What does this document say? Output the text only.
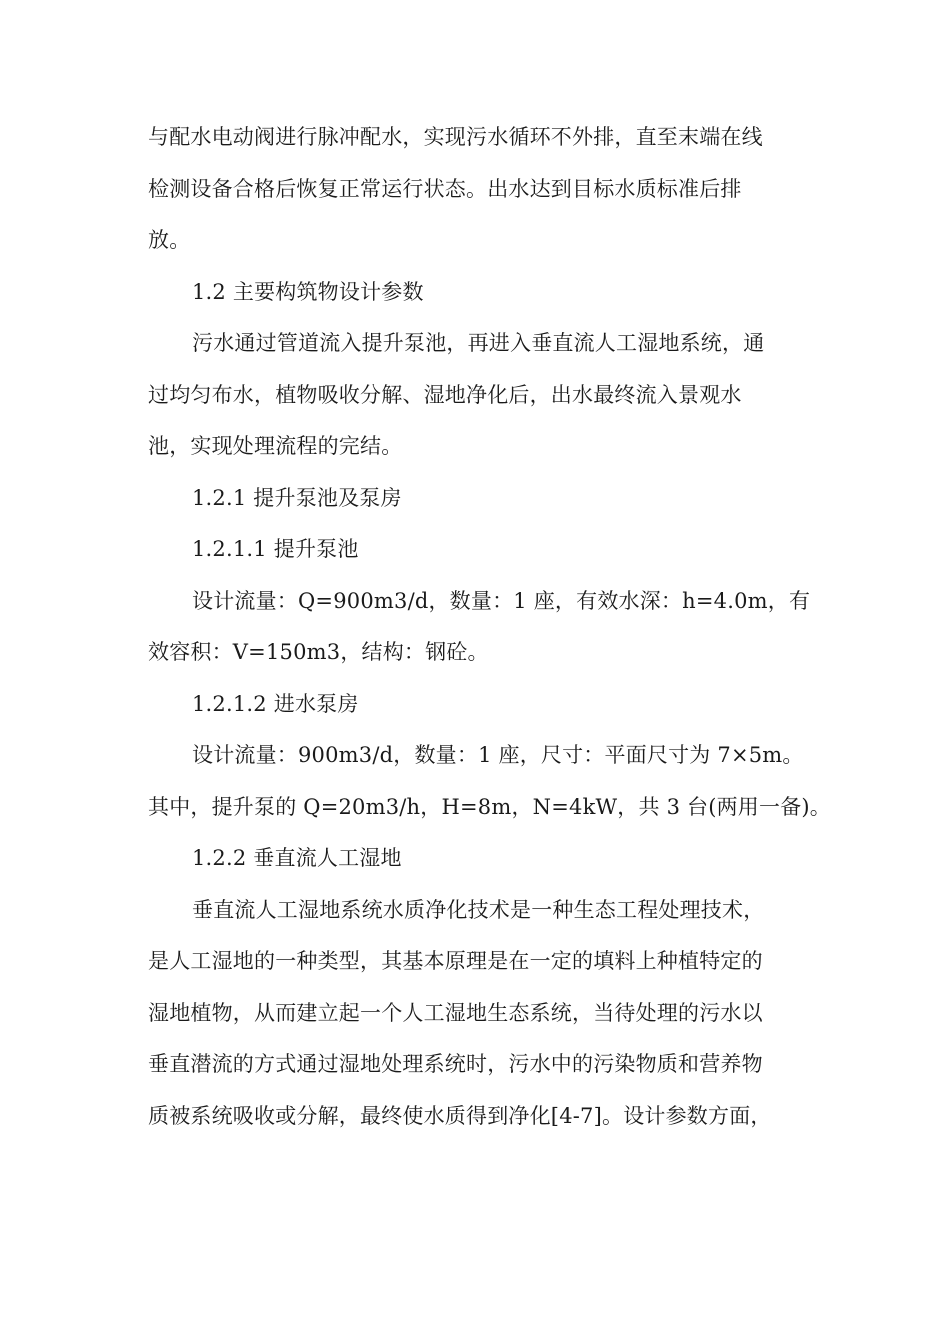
与配水电动阀进行脉冲配水，实现污水循环不外排，直至末端在线
检测设备合格后恢复正常运行状态。出水达到目标水质标准后排
放。
1.2 主要构筑物设计参数
污水通过管道流入提升泵池，再进入垂直流人工湿地系统，通
过均匀布水，植物吸收分解、湿地净化后，出水最终流入景观水
池，实现处理流程的完结。
1.2.1 提升泵池及泵房
1.2.1.1 提升泵池
设计流量：Q=900m3/d，数量：1 座，有效水深：h=4.0m，有
效容积：V=150m3，结构：钢砼。
1.2.1.2 进水泵房
设计流量：900m3/d，数量：1 座，尺寸：平面尺寸为 7×5m。
其中，提升泵的 Q=20m3/h，H=8m，N=4kW，共 3 台(两用一备)。
1.2.2 垂直流人工湿地
垂直流人工湿地系统水质净化技术是一种生态工程处理技术，
是人工湿地的一种类型，其基本原理是在一定的填料上种植特定的
湿地植物，从而建立起一个人工湿地生态系统，当待处理的污水以
垂直潜流的方式通过湿地处理系统时，污水中的污染物质和营养物
质被系统吸收或分解，最终使水质得到净化[4-7]。设计参数方面，
